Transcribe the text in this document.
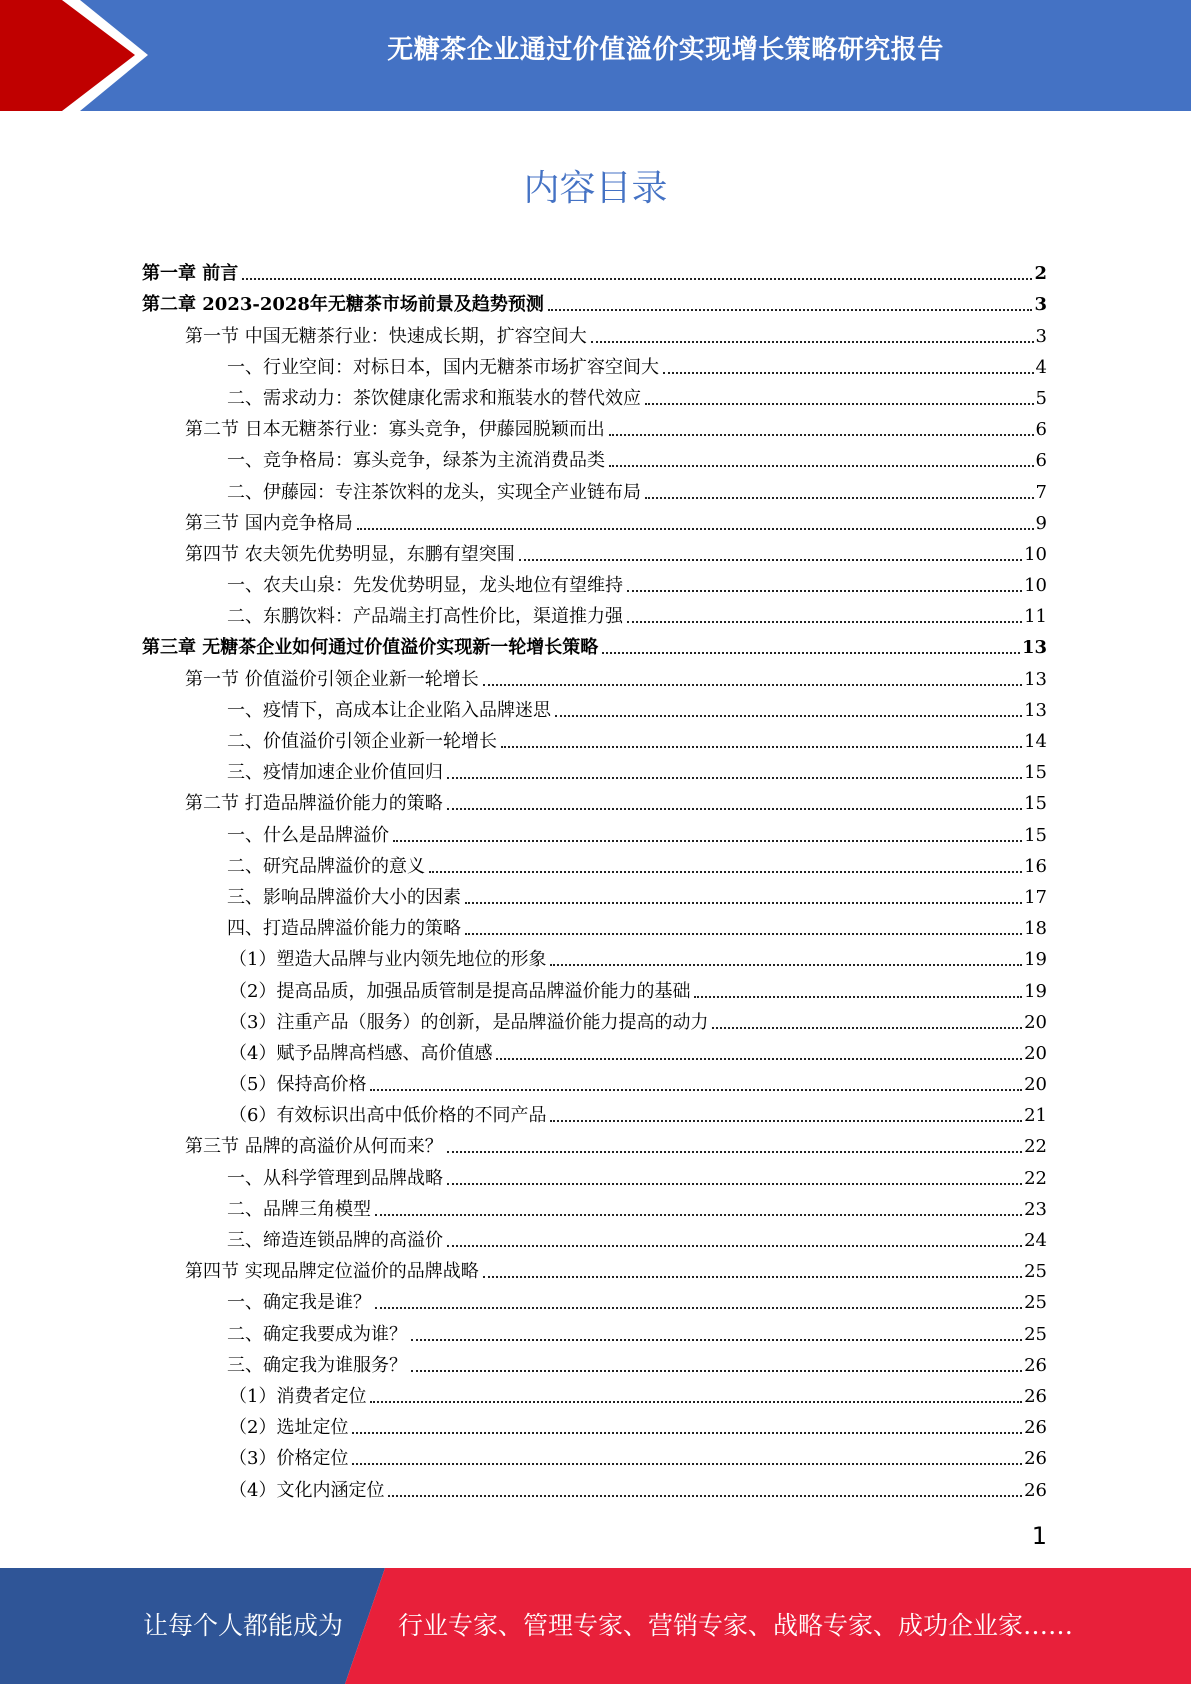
无糖茶企业通过价值溢价实现增长策略研究报告
内容目录
第一章 前言	2
第二章 2023-2028年无糖茶市场前景及趋势预测	3
第一节 中国无糖茶行业：快速成长期，扩容空间大	3
一、行业空间：对标日本，国内无糖茶市场扩容空间大	4
二、需求动力：茶饮健康化需求和瓶装水的替代效应	5
第二节 日本无糖茶行业：寡头竞争，伊藤园脱颖而出	6
一、竞争格局：寡头竞争，绿茶为主流消费品类	6
二、伊藤园：专注茶饮料的龙头，实现全产业链布局	7
第三节 国内竞争格局	9
第四节 农夫领先优势明显，东鹏有望突围	10
一、农夫山泉：先发优势明显，龙头地位有望维持	10
二、东鹏饮料：产品端主打高性价比，渠道推力强	11
第三章 无糖茶企业如何通过价值溢价实现新一轮增长策略	13
第一节 价值溢价引领企业新一轮增长	13
一、疫情下，高成本让企业陷入品牌迷思	13
二、价值溢价引领企业新一轮增长	14
三、疫情加速企业价值回归	15
第二节 打造品牌溢价能力的策略	15
一、什么是品牌溢价	15
二、研究品牌溢价的意义	16
三、影响品牌溢价大小的因素	17
四、打造品牌溢价能力的策略	18
（1）塑造大品牌与业内领先地位的形象	19
（2）提高品质，加强品质管制是提高品牌溢价能力的基础	19
（3）注重产品（服务）的创新，是品牌溢价能力提高的动力	20
（4）赋予品牌高档感、高价值感	20
（5）保持高价格	20
（6）有效标识出高中低价格的不同产品	21
第三节 品牌的高溢价从何而来？	22
一、从科学管理到品牌战略	22
二、品牌三角模型	23
三、缔造连锁品牌的高溢价	24
第四节 实现品牌定位溢价的品牌战略	25
一、确定我是谁？	25
二、确定我要成为谁？	25
三、确定我为谁服务？	26
（1）消费者定位	26
（2）选址定位	26
（3）价格定位	26
（4）文化内涵定位	26
1
让每个人都能成为 行业专家、管理专家、营销专家、战略专家、成功企业家……
